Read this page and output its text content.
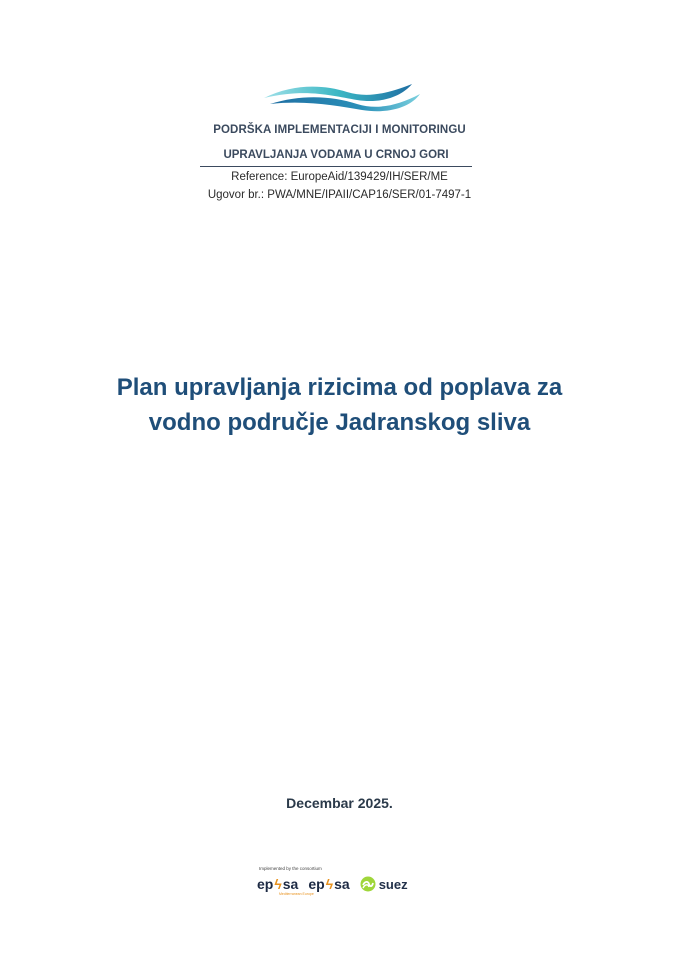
PODRŠKA IMPLEMENTACIJI I MONITORINGU
UPRAVLJANJA VODAMA U CRNOJ GORI
Reference: EuropeAid/139429/IH/SER/ME
Ugovor br.: PWA/MNE/IPAII/CAP16/SER/01-7497-1
Plan upravljanja rizicima od poplava za
vodno područje Jadranskog sliva
Decembar 2025.
Implemented by the consortium
ep ϟ sa
Mediterranean Europe
ep ϟ sa suez
